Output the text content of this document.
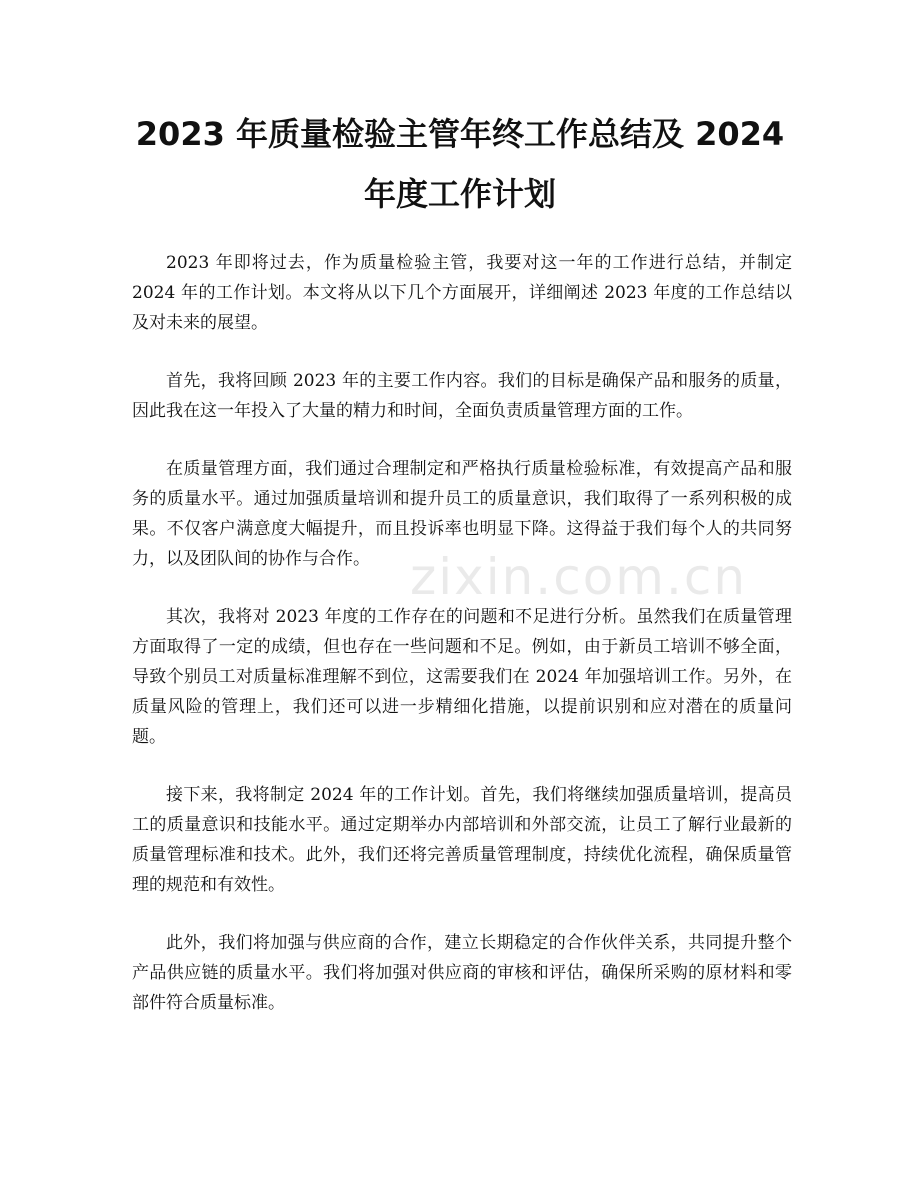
2023 年质量检验主管年终工作总结及 2024
年度工作计划

2023 年即将过去，作为质量检验主管，我要对这一年的工作进行总结，并制定 2024 年的工作计划。本文将从以下几个方面展开，详细阐述 2023 年度的工作总结以及对未来的展望。

首先，我将回顾 2023 年的主要工作内容。我们的目标是确保产品和服务的质量，因此我在这一年投入了大量的精力和时间，全面负责质量管理方面的工作。

在质量管理方面，我们通过合理制定和严格执行质量检验标准，有效提高产品和服务的质量水平。通过加强质量培训和提升员工的质量意识，我们取得了一系列积极的成果。不仅客户满意度大幅提升，而且投诉率也明显下降。这得益于我们每个人的共同努力，以及团队间的协作与合作。

其次，我将对 2023 年度的工作存在的问题和不足进行分析。虽然我们在质量管理方面取得了一定的成绩，但也存在一些问题和不足。例如，由于新员工培训不够全面，导致个别员工对质量标准理解不到位，这需要我们在 2024 年加强培训工作。另外，在质量风险的管理上，我们还可以进一步精细化措施，以提前识别和应对潜在的质量问题。

接下来，我将制定 2024 年的工作计划。首先，我们将继续加强质量培训，提高员工的质量意识和技能水平。通过定期举办内部培训和外部交流，让员工了解行业最新的质量管理标准和技术。此外，我们还将完善质量管理制度，持续优化流程，确保质量管理的规范和有效性。

此外，我们将加强与供应商的合作，建立长期稳定的合作伙伴关系，共同提升整个产品供应链的质量水平。我们将加强对供应商的审核和评估，确保所采购的原材料和零部件符合质量标准。

zixin.com.cn
